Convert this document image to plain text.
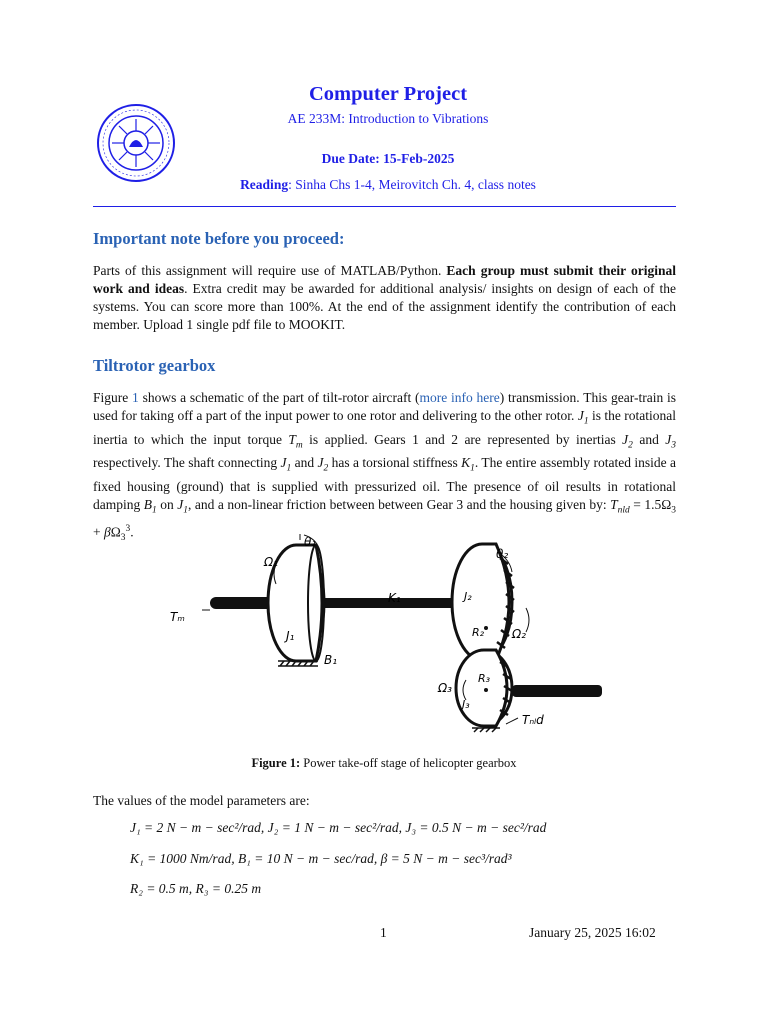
Computer Project
AE 233M: Introduction to Vibrations
Due Date: 15-Feb-2025
Reading: Sinha Chs 1-4, Meirovitch Ch. 4, class notes
Important note before you proceed:
Parts of this assignment will require use of MATLAB/Python. Each group must submit their original work and ideas. Extra credit may be awarded for additional analysis/ insights on design of each of the systems. You can score more than 100%. At the end of the assignment identify the contribution of each member. Upload 1 single pdf file to MOOKIT.
Tiltrotor gearbox
Figure 1 shows a schematic of the part of tilt-rotor aircraft (more info here) transmission. This gear-train is used for taking off a part of the input power to one rotor and delivering to the other rotor. $J_1$ is the rotational inertia to which the input torque $T_m$ is applied. Gears 1 and 2 are represented by inertias $J_2$ and $J_3$ respectively. The shaft connecting $J_1$ and $J_2$ has a torsional stiffness $K_1$. The entire assembly rotated inside a fixed housing (ground) that is supplied with pressurized oil. The presence of oil results in rotational damping $B_1$ on $J_1$, and a non-linear friction between between Gear 3 and the housing given by: $T_{nld} = 1.5\Omega_3 + \beta\Omega_3^3$.
θ₁
Ω₁
Tₘ
K₁
J₁
B₁
θ₂
J₂
R₂ Ω₂
R₃
Ω₃
J₃
Tₙₗd
Figure 1: Power take-off stage of helicopter gearbox
The values of the model parameters are:
J₁ = 2 N − m − sec²/rad, J₂ = 1 N − m − sec²/rad, J₃ = 0.5 N − m − sec²/rad
K₁ = 1000 Nm/rad, B₁ = 10 N − m − sec/rad, β = 5 N − m − sec³/rad³
R₂ = 0.5 m, R₃ = 0.25 m
1	January 25, 2025 16:02
